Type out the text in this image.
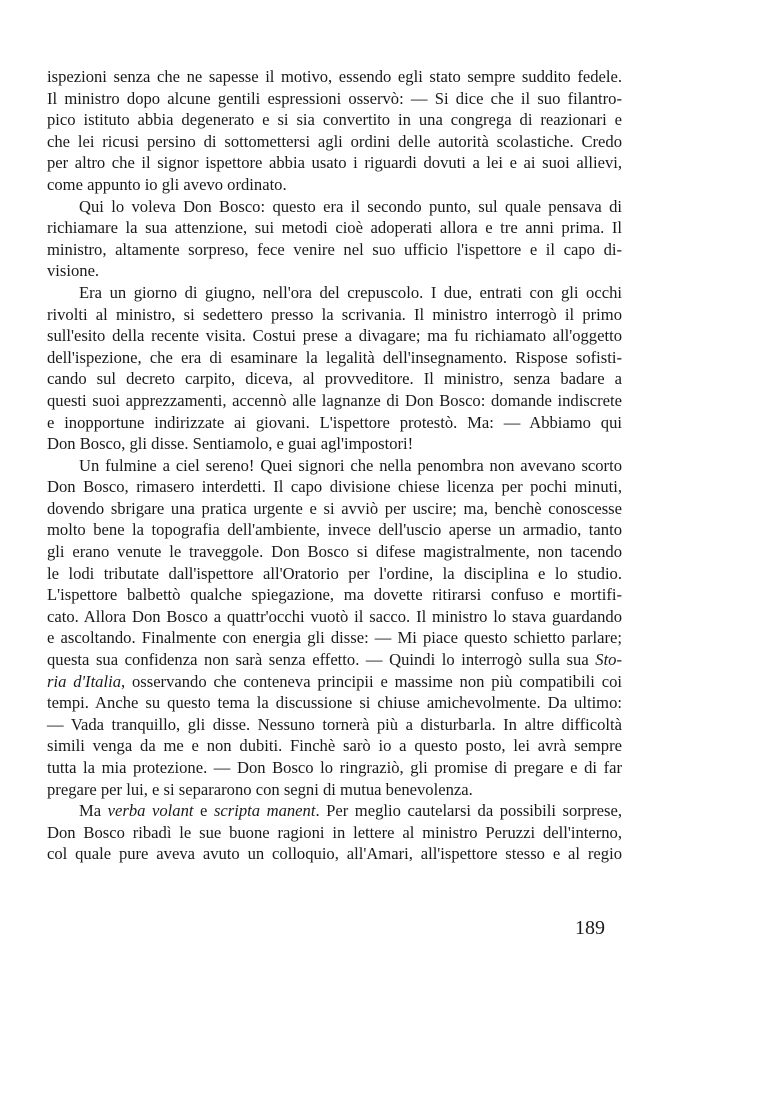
ispezioni senza che ne sapesse il motivo, essendo egli stato sempre suddito fedele.
Il ministro dopo alcune gentili espressioni osservò: — Si dice che il suo filantro-
pico istituto abbia degenerato e si sia convertito in una congrega di reazionari e
che lei ricusi persino di sottomettersi agli ordini delle autorità scolastiche. Credo
per altro che il signor ispettore abbia usato i riguardi dovuti a lei e ai suoi allievi,
come appunto io gli avevo ordinato.
Qui lo voleva Don Bosco: questo era il secondo punto, sul quale pensava di
richiamare la sua attenzione, sui metodi cioè adoperati allora e tre anni prima. Il
ministro, altamente sorpreso, fece venire nel suo ufficio l'ispettore e il capo di-
visione.
Era un giorno di giugno, nell'ora del crepuscolo. I due, entrati con gli occhi
rivolti al ministro, si sedettero presso la scrivania. Il ministro interrogò il primo
sull'esito della recente visita. Costui prese a divagare; ma fu richiamato all'oggetto
dell'ispezione, che era di esaminare la legalità dell'insegnamento. Rispose sofisti-
cando sul decreto carpito, diceva, al provveditore. Il ministro, senza badare a
questi suoi apprezzamenti, accennò alle lagnanze di Don Bosco: domande indiscrete
e inopportune indirizzate ai giovani. L'ispettore protestò. Ma: — Abbiamo qui
Don Bosco, gli disse. Sentiamolo, e guai agl'impostori!
Un fulmine a ciel sereno! Quei signori che nella penombra non avevano scorto
Don Bosco, rimasero interdetti. Il capo divisione chiese licenza per pochi minuti,
dovendo sbrigare una pratica urgente e si avviò per uscire; ma, benchè conoscesse
molto bene la topografia dell'ambiente, invece dell'uscio aperse un armadio, tanto
gli erano venute le traveggole. Don Bosco si difese magistralmente, non tacendo
le lodi tributate dall'ispettore all'Oratorio per l'ordine, la disciplina e lo studio.
L'ispettore balbettò qualche spiegazione, ma dovette ritirarsi confuso e mortifi-
cato. Allora Don Bosco a quattr'occhi vuotò il sacco. Il ministro lo stava guardando
e ascoltando. Finalmente con energia gli disse: — Mi piace questo schietto parlare;
questa sua confidenza non sarà senza effetto. — Quindi lo interrogò sulla sua Sto-
ria d'Italia, osservando che conteneva principii e massime non più compatibili coi
tempi. Anche su questo tema la discussione si chiuse amichevolmente. Da ultimo:
— Vada tranquillo, gli disse. Nessuno tornerà più a disturbarla. In altre difficoltà
simili venga da me e non dubiti. Finchè sarò io a questo posto, lei avrà sempre
tutta la mia protezione. — Don Bosco lo ringraziò, gli promise di pregare e di far
pregare per lui, e si separarono con segni di mutua benevolenza.
Ma verba volant e scripta manent. Per meglio cautelarsi da possibili sorprese,
Don Bosco ribadì le sue buone ragioni in lettere al ministro Peruzzi dell'interno,
col quale pure aveva avuto un colloquio, all'Amari, all'ispettore stesso e al regio
189
